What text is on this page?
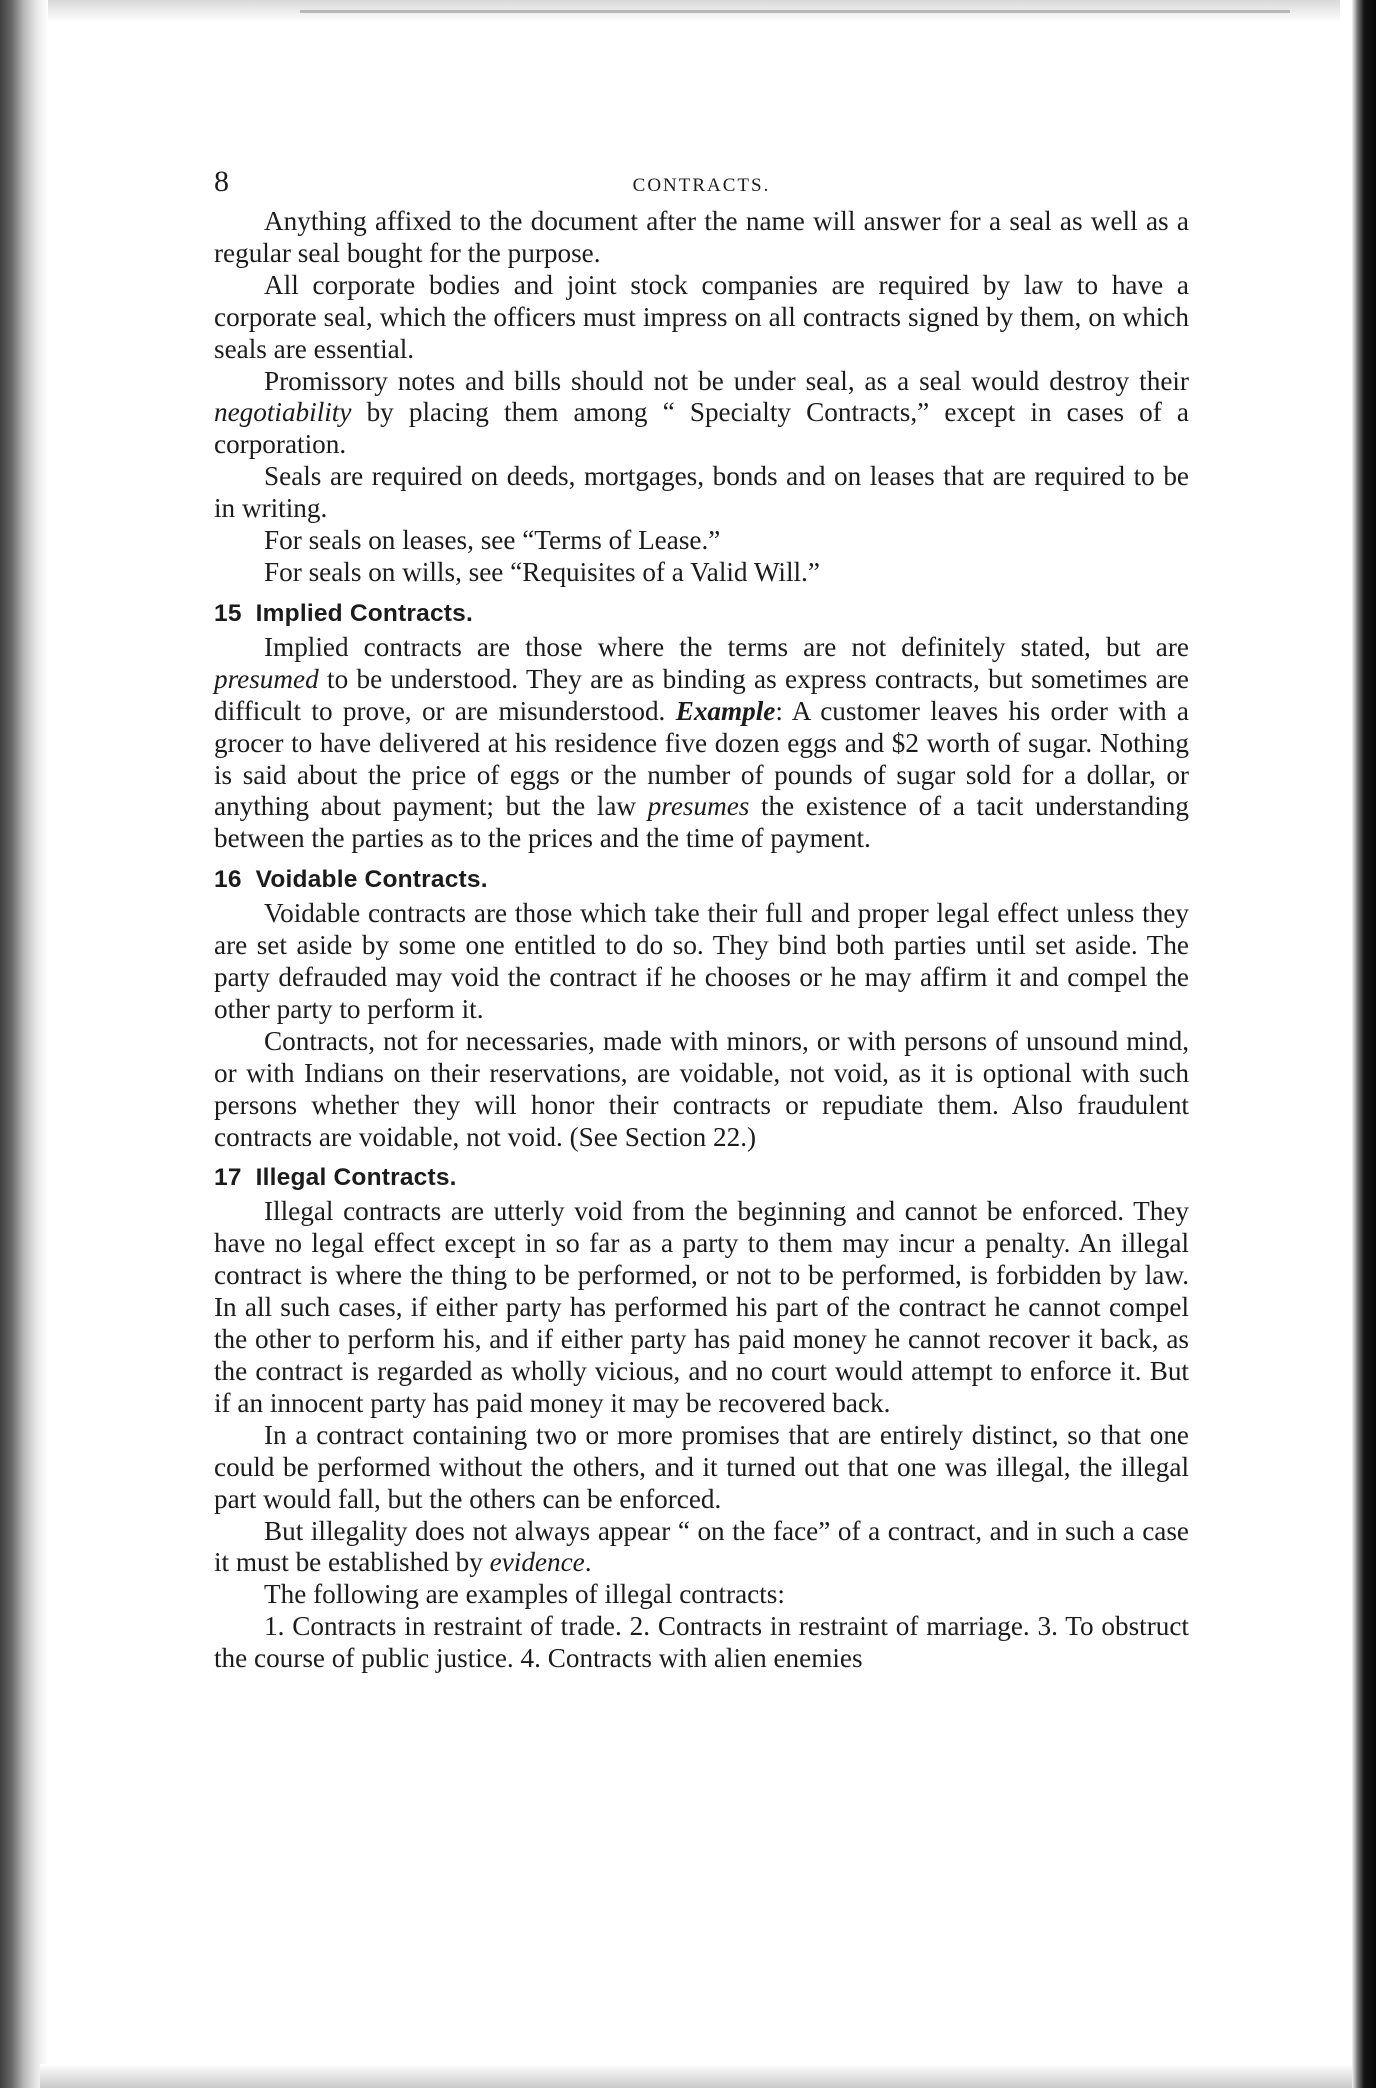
8	CONTRACTS.

Anything affixed to the document after the name will answer for a seal as well as a regular seal bought for the purpose.

All corporate bodies and joint stock companies are required by law to have a corporate seal, which the officers must impress on all contracts signed by them, on which seals are essential.

Promissory notes and bills should not be under seal, as a seal would destroy their negotiability by placing them among “ Specialty Contracts,” except in cases of a corporation.

Seals are required on deeds, mortgages, bonds and on leases that are required to be in writing.

For seals on leases, see “Terms of Lease.”

For seals on wills, see “Requisites of a Valid Will.”

15 Implied Contracts.

Implied contracts are those where the terms are not definitely stated, but are presumed to be understood. They are as binding as express contracts, but sometimes are difficult to prove, or are misunderstood. Example: A customer leaves his order with a grocer to have delivered at his residence five dozen eggs and $2 worth of sugar. Nothing is said about the price of eggs or the number of pounds of sugar sold for a dollar, or anything about payment; but the law presumes the existence of a tacit understanding between the parties as to the prices and the time of payment.

16 Voidable Contracts.

Voidable contracts are those which take their full and proper legal effect unless they are set aside by some one entitled to do so. They bind both parties until set aside. The party defrauded may void the contract if he chooses or he may affirm it and compel the other party to perform it.

Contracts, not for necessaries, made with minors, or with persons of unsound mind, or with Indians on their reservations, are voidable, not void, as it is optional with such persons whether they will honor their contracts or repudiate them. Also fraudulent contracts are voidable, not void. (See Section 22.)

17 Illegal Contracts.

Illegal contracts are utterly void from the beginning and cannot be enforced. They have no legal effect except in so far as a party to them may incur a penalty. An illegal contract is where the thing to be performed, or not to be performed, is forbidden by law. In all such cases, if either party has performed his part of the contract he cannot compel the other to perform his, and if either party has paid money he cannot recover it back, as the contract is regarded as wholly vicious, and no court would attempt to enforce it. But if an innocent party has paid money it may be recovered back.

In a contract containing two or more promises that are entirely distinct, so that one could be performed without the others, and it turned out that one was illegal, the illegal part would fall, but the others can be enforced.

But illegality does not always appear “ on the face” of a contract, and in such a case it must be established by evidence.

The following are examples of illegal contracts:

1. Contracts in restraint of trade. 2. Contracts in restraint of marriage. 3. To obstruct the course of public justice. 4. Contracts with alien enemies
